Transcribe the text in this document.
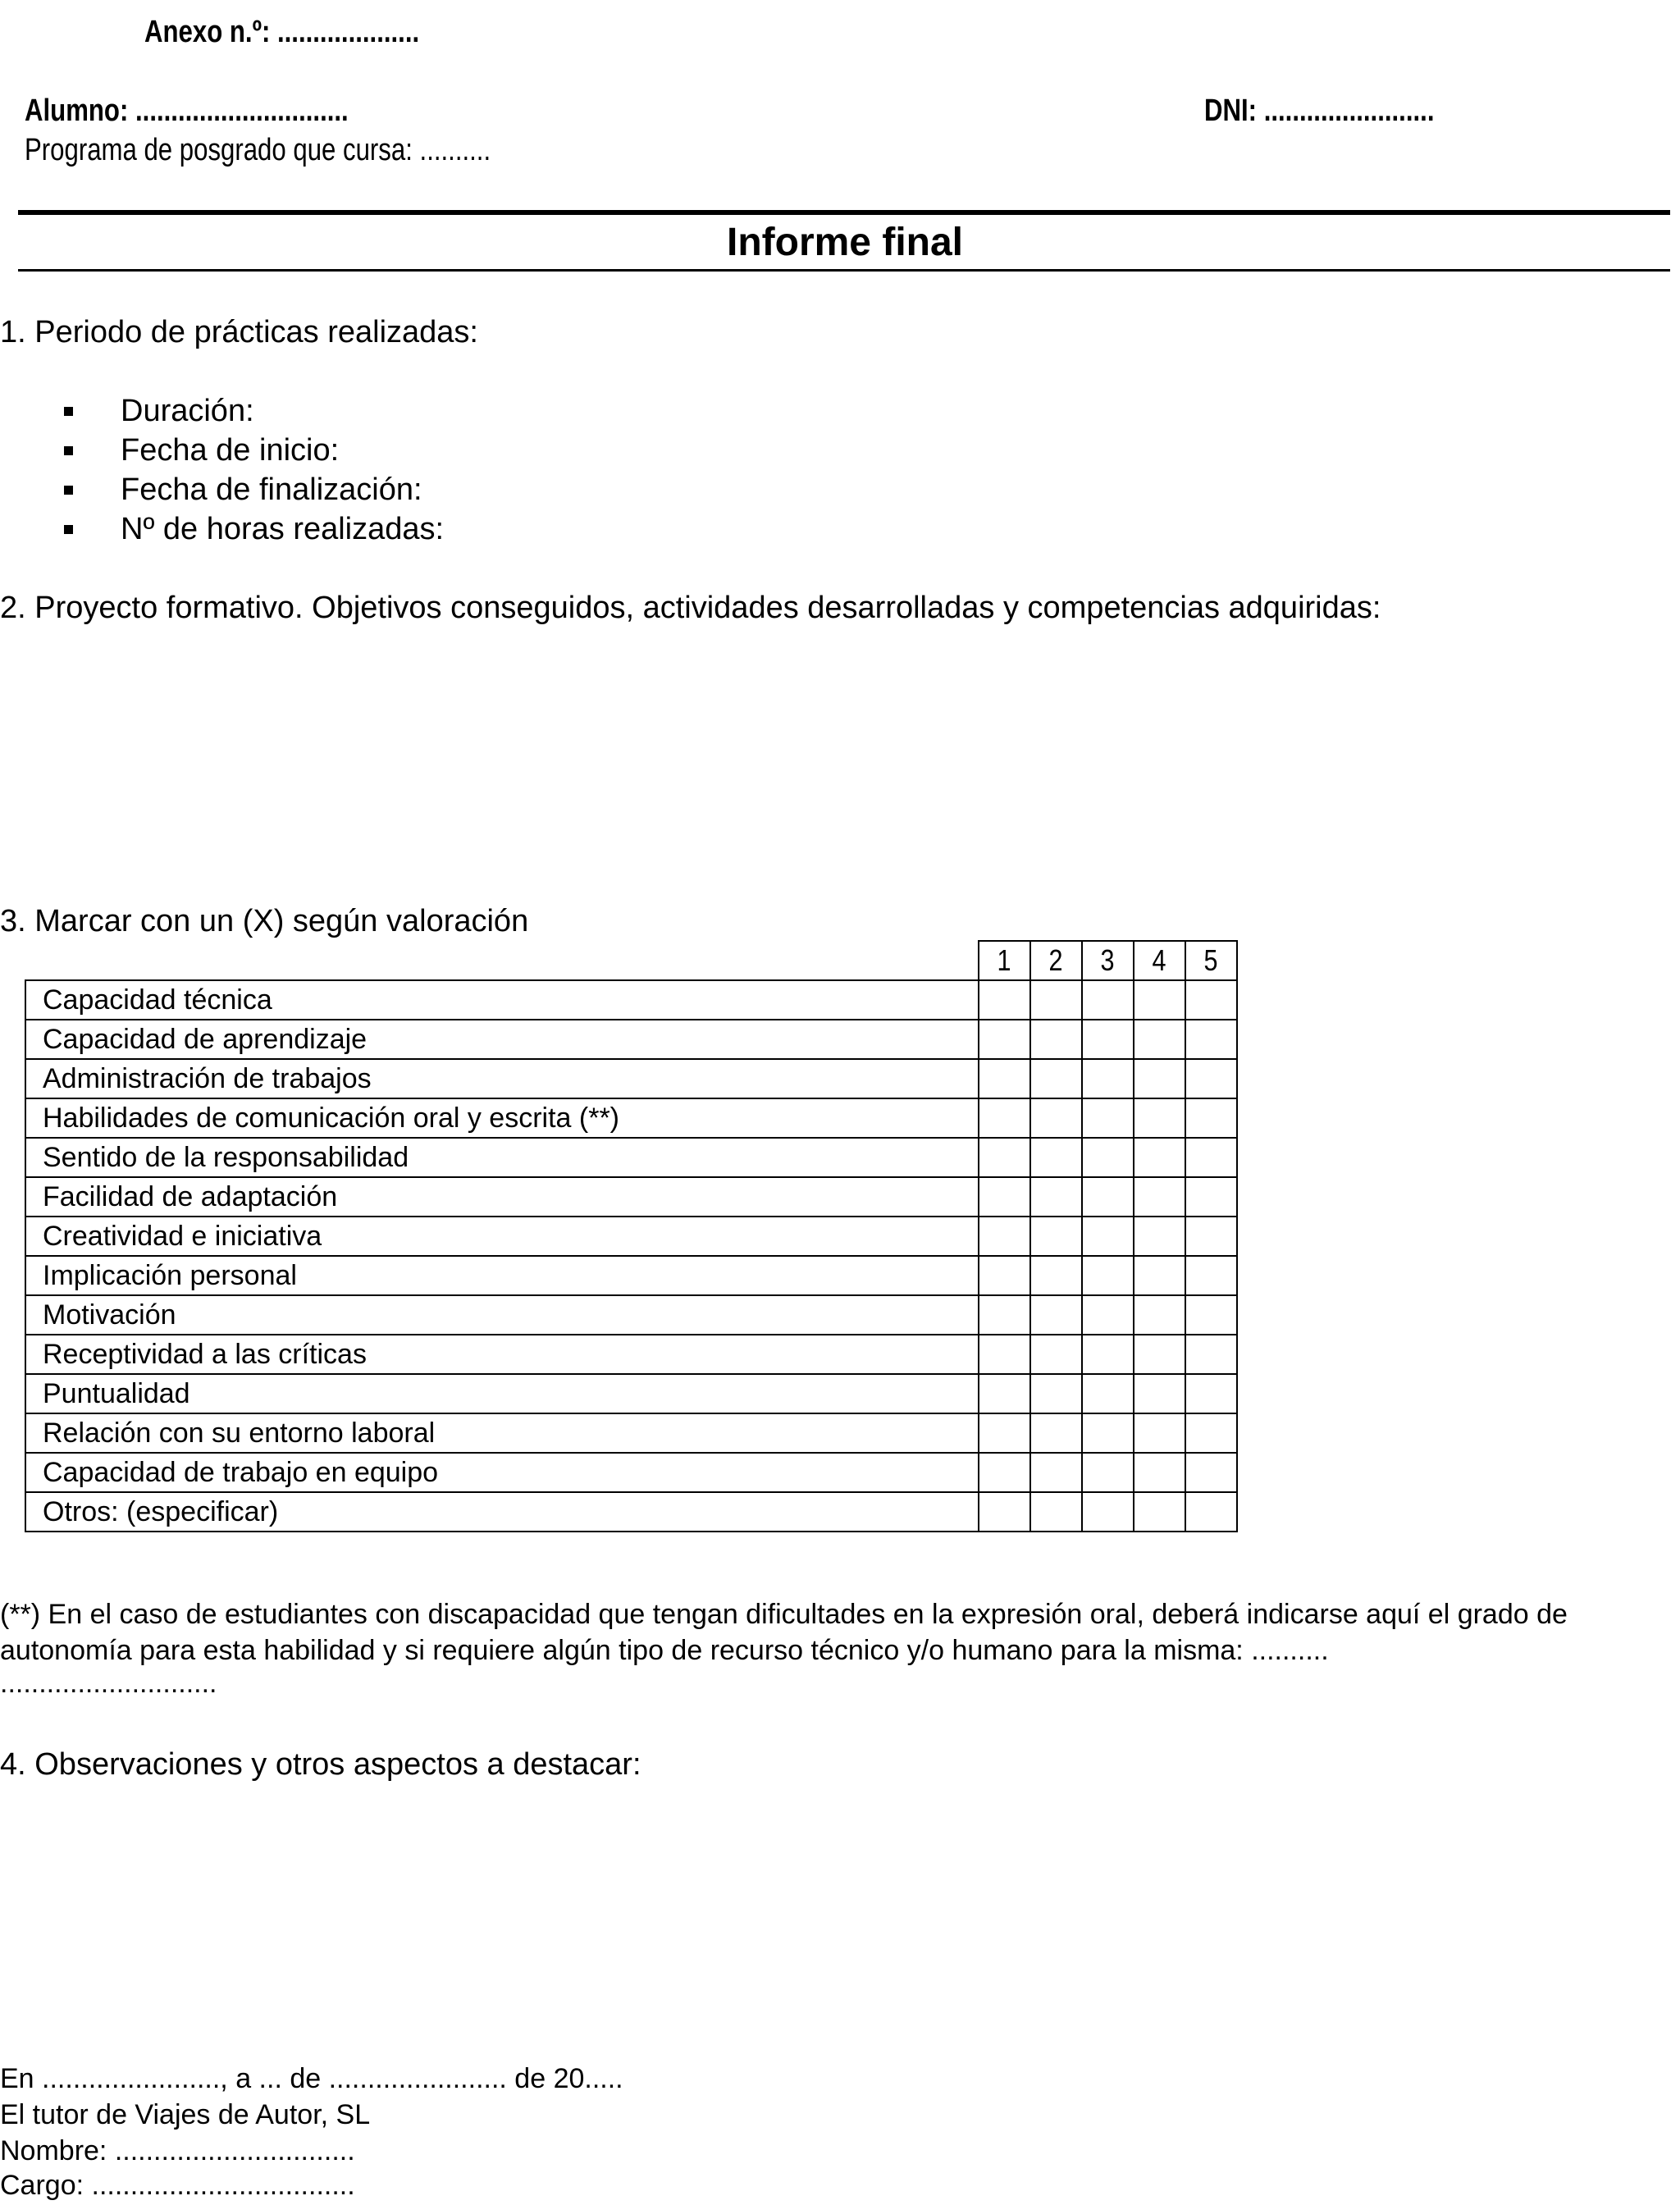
Anexo n.º: ....................
Alumno: ..............................	DNI: ........................
Programa de posgrado que cursa: ..........
Informe final
1. Periodo de prácticas realizadas:
Duración:
Fecha de inicio:
Fecha de finalización:
Nº de horas realizadas:
2. Proyecto formativo. Objetivos conseguidos, actividades desarrolladas y competencias adquiridas:
3. Marcar con un (X) según valoración
	1	2	3	4	5
Capacidad técnica					
Capacidad de aprendizaje					
Administración de trabajos					
Habilidades de comunicación oral y escrita (**)					
Sentido de la responsabilidad					
Facilidad de adaptación					
Creatividad e iniciativa					
Implicación personal					
Motivación					
Receptividad a las críticas					
Puntualidad					
Relación con su entorno laboral					
Capacidad de trabajo en equipo					
Otros: (especificar)					
(**) En el caso de estudiantes con discapacidad que tengan dificultades en la expresión oral, deberá indicarse aquí el grado de
autonomía para esta habilidad y si requiere algún tipo de recurso técnico y/o humano para la misma: ..........
............................
4. Observaciones y otros aspectos a destacar:
En ......................., a ... de ....................... de 20.....
El tutor de Viajes de Autor, SL
Nombre: ...............................
Cargo: ..................................
